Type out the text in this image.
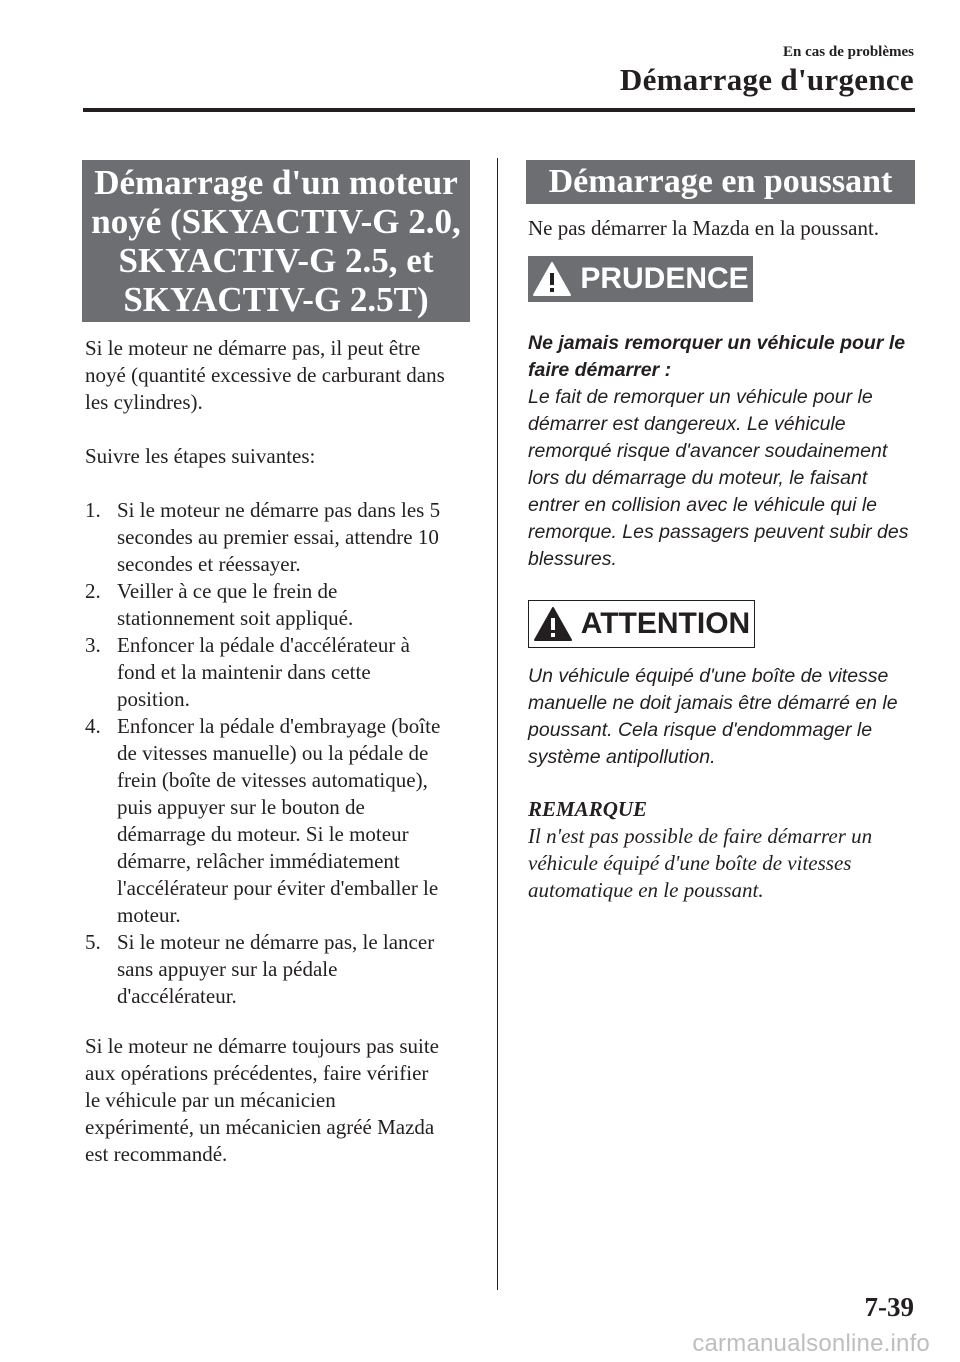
En cas de problèmes
Démarrage d'urgence
Démarrage d'un moteur
noyé (SKYACTIV-G 2.0,
SKYACTIV-G 2.5, et
SKYACTIV-G 2.5T)

Si le moteur ne démarre pas, il peut être
noyé (quantité excessive de carburant dans
les cylindres).

Suivre les étapes suivantes:

1. Si le moteur ne démarre pas dans les 5
secondes au premier essai, attendre 10
secondes et réessayer.
2. Veiller à ce que le frein de
stationnement soit appliqué.
3. Enfoncer la pédale d'accélérateur à
fond et la maintenir dans cette
position.
4. Enfoncer la pédale d'embrayage (boîte
de vitesses manuelle) ou la pédale de
frein (boîte de vitesses automatique),
puis appuyer sur le bouton de
démarrage du moteur. Si le moteur
démarre, relâcher immédiatement
l'accélérateur pour éviter d'emballer le
moteur.
5. Si le moteur ne démarre pas, le lancer
sans appuyer sur la pédale
d'accélérateur.

Si le moteur ne démarre toujours pas suite
aux opérations précédentes, faire vérifier
le véhicule par un mécanicien
expérimenté, un mécanicien agréé Mazda
est recommandé.

Démarrage en poussant

Ne pas démarrer la Mazda en la poussant.

PRUDENCE
Ne jamais remorquer un véhicule pour le
faire démarrer :
Le fait de remorquer un véhicule pour le
démarrer est dangereux. Le véhicule
remorqué risque d'avancer soudainement
lors du démarrage du moteur, le faisant
entrer en collision avec le véhicule qui le
remorque. Les passagers peuvent subir des
blessures.
ATTENTION
Un véhicule équipé d'une boîte de vitesse
manuelle ne doit jamais être démarré en le
poussant. Cela risque d'endommager le
système antipollution.
REMARQUE
Il n'est pas possible de faire démarrer un
véhicule équipé d'une boîte de vitesses
automatique en le poussant.
7-39
carmanualsonline.info
